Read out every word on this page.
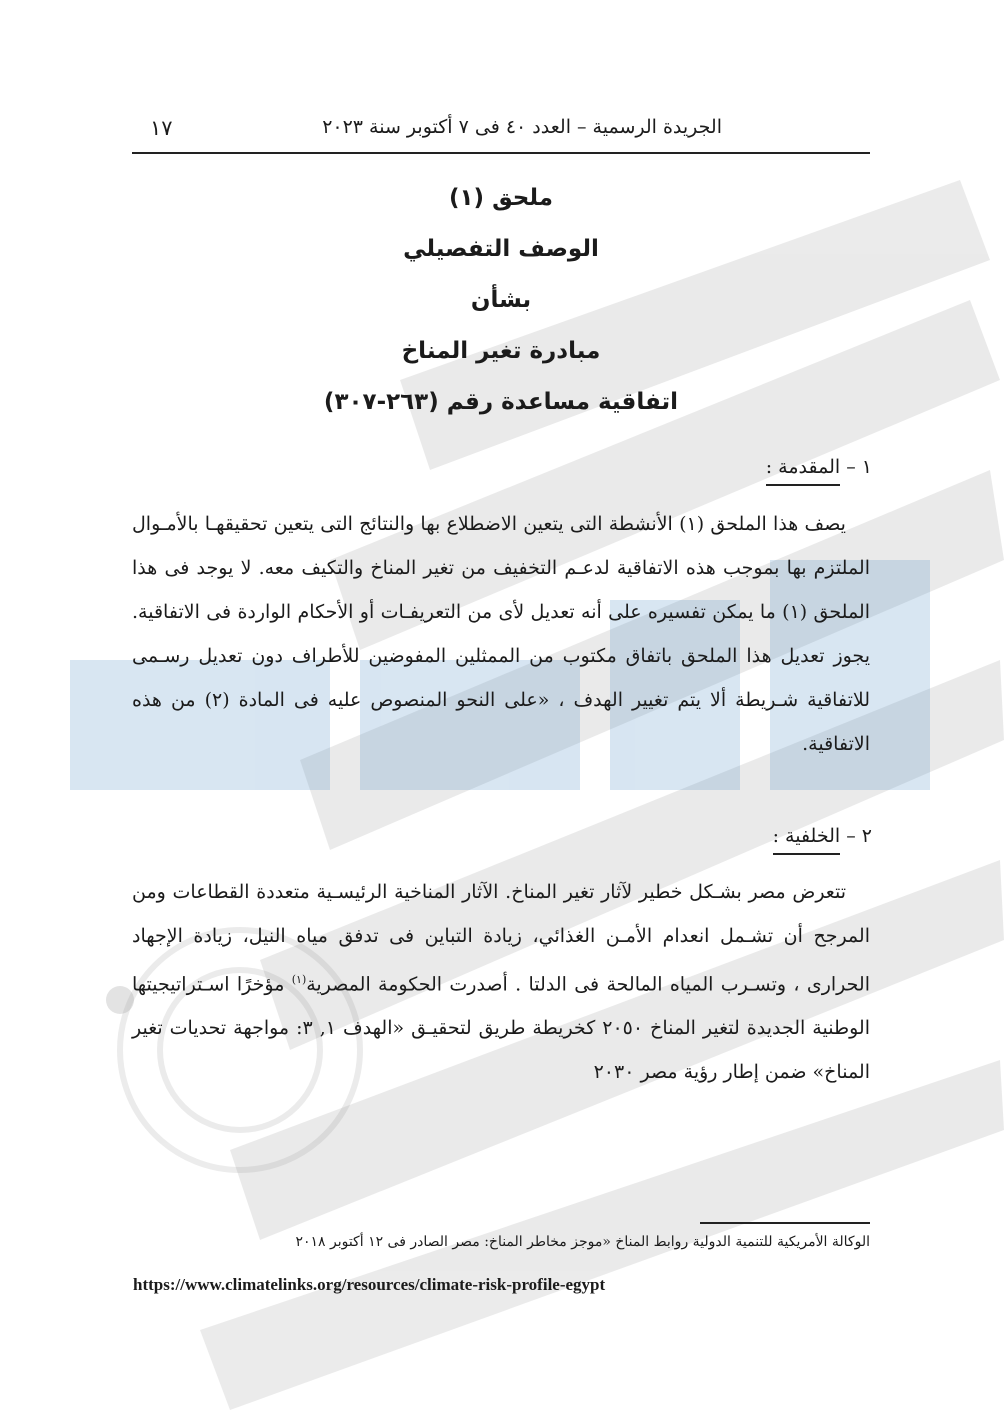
الجريدة الرسمية – العدد ٤٠ فى ٧ أكتوبر سنة ٢٠٢٣
١٧
ملحق (١)
الوصف التفصيلي
بشأن
مبادرة تغير المناخ
اتفاقية مساعدة رقم (٢٦٣-٣٠٧)
١ – المقدمة :

يصف هذا الملحق (١) الأنشطة التى يتعين الاضطلاع بها والنتائج التى يتعين تحقيقهـا بالأمـوال الملتزم بها بموجب هذه الاتفاقية لدعـم التخفيف من تغير المناخ والتكيف معه. لا يوجد فى هذا الملحق (١) ما يمكن تفسيره على أنه تعديل لأى من التعريفـات أو الأحكام الواردة فى الاتفاقية. يجوز تعديل هذا الملحق باتفاق مكتوب من الممثلين المفوضين للأطراف دون تعديل رسـمى للاتفاقية شـريطة ألا يتم تغيير الهدف ، «على النحو المنصوص عليه فى المادة (٢) من هذه الاتفاقية.

٢ – الخلفية :

تتعرض مصر بشـكل خطير لآثار تغير المناخ. الآثار المناخية الرئيسـية متعددة القطاعات ومن المرجح أن تشـمل انعدام الأمـن الغذائي، زيادة التباين فى تدفق مياه النيل، زيادة الإجهاد الحرارى ، وتسـرب المياه المالحة فى الدلتا . أصدرت الحكومة المصرية$^{(١)}$ مؤخرًا اسـتراتيجيتها الوطنية الجديدة لتغير المناخ ٢٠٥٠ كخريطة طريق لتحقيـق «الهدف ١, ٣: مواجهة تحديات تغير المناخ» ضمن إطار رؤية مصر ٢٠٣٠

الوكالة الأمريكية للتنمية الدولية روابط المناخ «موجز مخاطر المناخ: مصر الصادر فى ١٢ أكتوبر ٢٠١٨
https://www.climatelinks.org/resources/climate-risk-profile-egypt
